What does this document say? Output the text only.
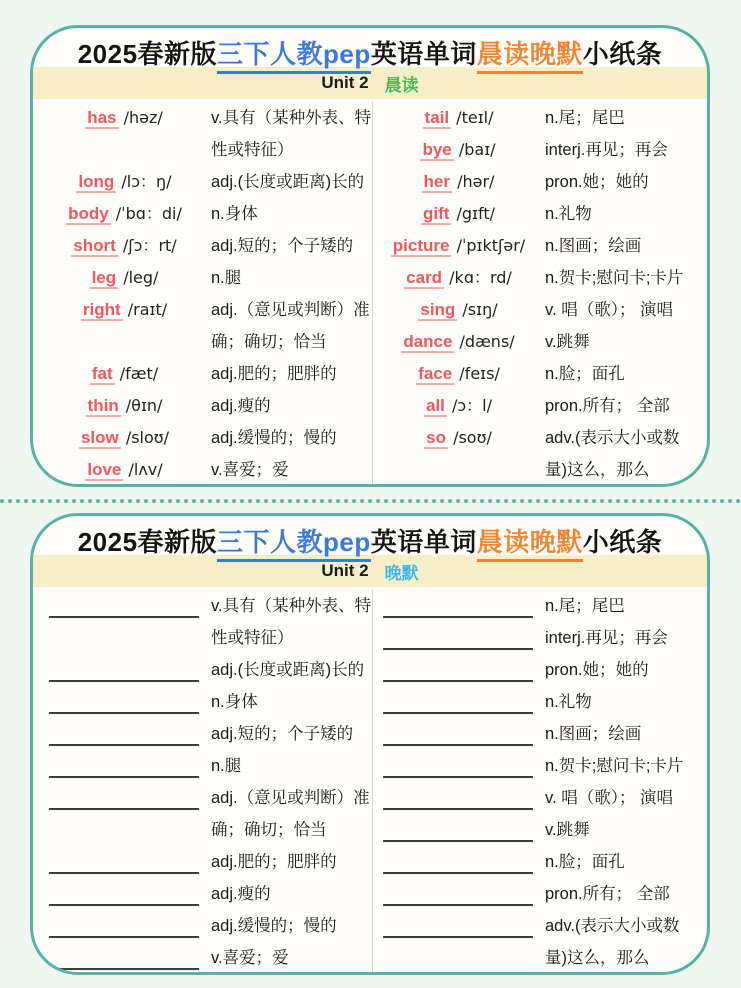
2025春新版三下人教pep英语单词晨读晚默小纸条
Unit 2 晨读
has /həz/	v.具有（某种外表、特
性或特征）
long /lɔ：ŋ/	adj.(长度或距离)长的
body /ˈbɑ：di/	n.身体
short /ʃɔ：rt/	adj.短的；个子矮的
leg /leg/	n.腿
right /raɪt/	adj.（意见或判断）准
确；确切；恰当
fat /fæt/	adj.肥的；肥胖的
thin /θɪn/	adj.瘦的
slow /sloʊ/	adj.缓慢的；慢的
love /lʌv/	v.喜爱；爱
tail /teɪl/	n.尾；尾巴
bye /baɪ/	interj.再见；再会
her /hər/	pron.她；她的
gift /gɪft/	n.礼物
picture /ˈpɪktʃər/	n.图画；绘画
card /kɑ：rd/	n.贺卡;慰问卡;卡片
sing /sɪŋ/	v. 唱（歌）； 演唱
dance /dæns/	v.跳舞
face /feɪs/	n.脸；面孔
all /ɔ：l/	pron.所有； 全部
so /soʊ/	adv.(表示大小或数
量)这么，那么
2025春新版三下人教pep英语单词晨读晚默小纸条
Unit 2 晚默
v.具有（某种外表、特
性或特征）
adj.(长度或距离)长的
n.身体
adj.短的；个子矮的
n.腿
adj.（意见或判断）准
确；确切；恰当
adj.肥的；肥胖的
adj.瘦的
adj.缓慢的；慢的
v.喜爱；爱
n.尾；尾巴
interj.再见；再会
pron.她；她的
n.礼物
n.图画；绘画
n.贺卡;慰问卡;卡片
v. 唱（歌）； 演唱
v.跳舞
n.脸；面孔
pron.所有； 全部
adv.(表示大小或数
量)这么，那么
